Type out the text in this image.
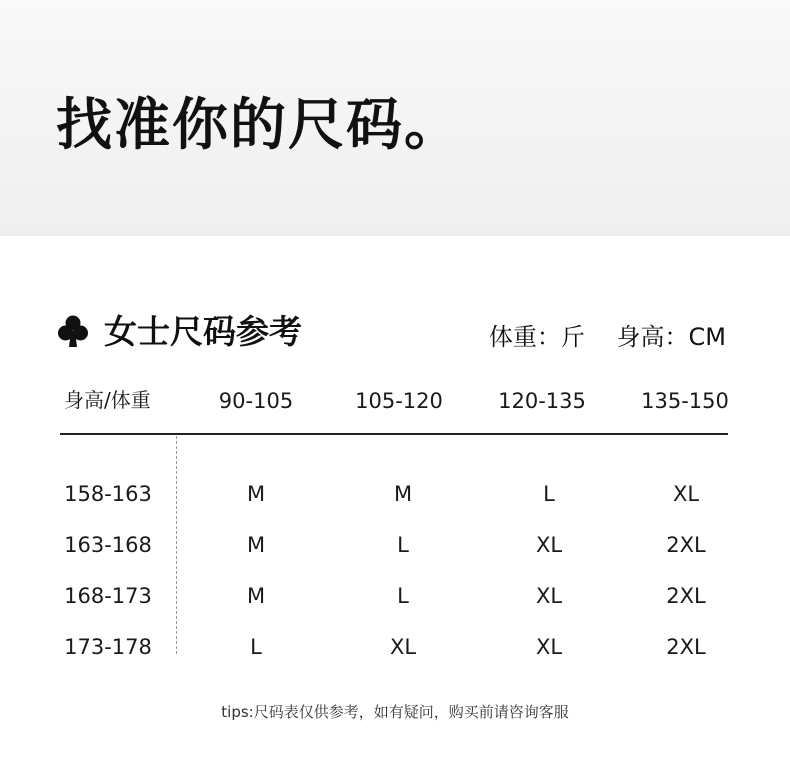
找准你的尺码。
女士尺码参考	体重：斤 身高：CM
身高/体重	90-105	105-120	120-135	135-150
158-163	M	M	L	XL
163-168	M	L	XL	2XL
168-173	M	L	XL	2XL
173-178	L	XL	XL	2XL
tips:尺码表仅供参考，如有疑问，购买前请咨询客服
